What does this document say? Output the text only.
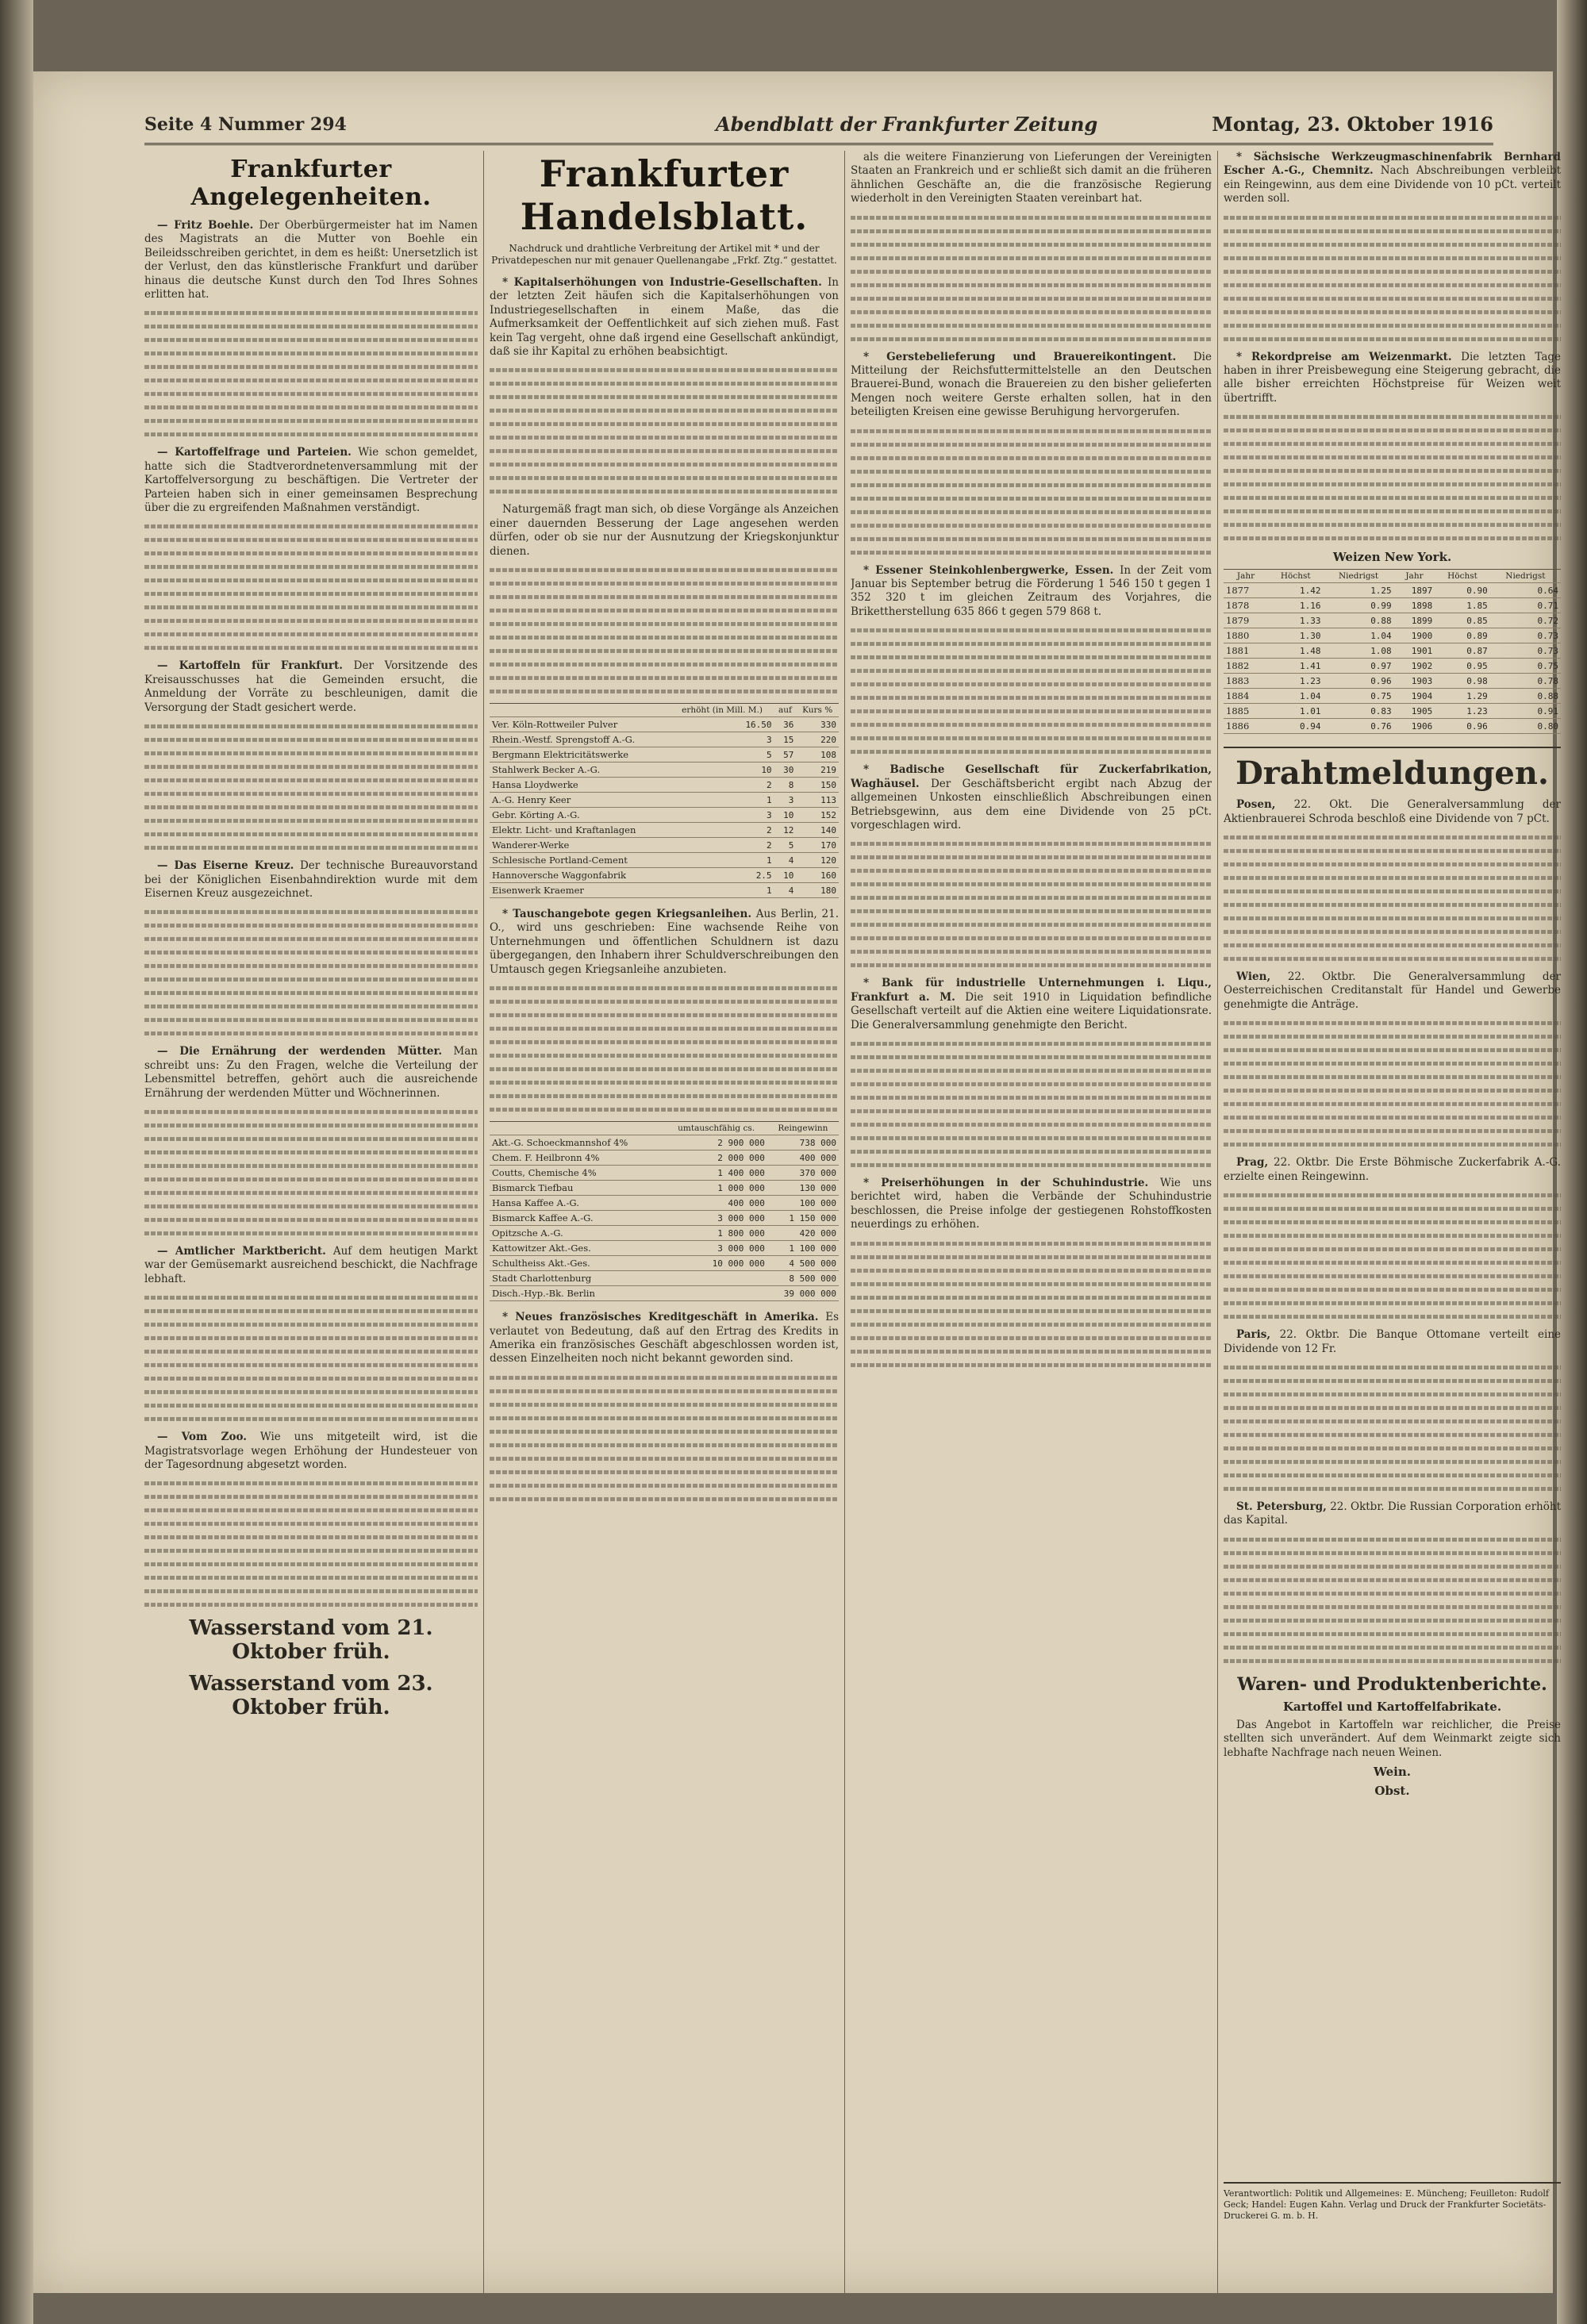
Seite 4 Nummer 294	Abendblatt der Frankfurter Zeitung	Montag, 23. Oktober 1916
Frankfurter Angelegenheiten.

— Fritz Boehle. Der Oberbürgermeister hat im Namen des Magistrats an die Mutter von Boehle ein Beileidsschreiben gerichtet, in dem es heißt: Unersetzlich ist der Verlust, den das künstlerische Frankfurt und darüber hinaus die deutsche Kunst durch den Tod Ihres Sohnes erlitten hat.

— Kartoffelfrage und Parteien. Wie schon gemeldet, hatte sich die Stadtverordnetenversammlung mit der Kartoffelversorgung zu beschäftigen. Die Vertreter der Parteien haben sich in einer gemeinsamen Besprechung über die zu ergreifenden Maßnahmen verständigt.

— Kartoffeln für Frankfurt. Der Vorsitzende des Kreisausschusses hat die Gemeinden ersucht, die Anmeldung der Vorräte zu beschleunigen, damit die Versorgung der Stadt gesichert werde.

— Das Eiserne Kreuz. Der technische Bureauvorstand bei der Königlichen Eisenbahndirektion wurde mit dem Eisernen Kreuz ausgezeichnet.

— Die Ernährung der werdenden Mütter. Man schreibt uns: Zu den Fragen, welche die Verteilung der Lebensmittel betreffen, gehört auch die ausreichende Ernährung der werdenden Mütter und Wöchnerinnen.

— Amtlicher Marktbericht. Auf dem heutigen Markt war der Gemüsemarkt ausreichend beschickt, die Nachfrage lebhaft.

— Vom Zoo. Wie uns mitgeteilt wird, ist die Magistratsvorlage wegen Erhöhung der Hundesteuer von der Tagesordnung abgesetzt worden.

Wasserstand vom 21. Oktober früh.
Wasserstand vom 23. Oktober früh.
Frankfurter Handelsblatt.
Nachdruck und drahtliche Verbreitung der Artikel mit * und der Privatdepeschen nur mit genauer Quellenangabe „Frkf. Ztg.“ gestattet.

* Kapitalserhöhungen von Industrie-Gesellschaften. In der letzten Zeit häufen sich die Kapitalserhöhungen von Industriegesellschaften in einem Maße, das die Aufmerksamkeit der Oeffentlichkeit auf sich ziehen muß. Fast kein Tag vergeht, ohne daß irgend eine Gesellschaft ankündigt, daß sie ihr Kapital zu erhöhen beabsichtigt.

Naturgemäß fragt man sich, ob diese Vorgänge als Anzeichen einer dauernden Besserung der Lage angesehen werden dürfen, oder ob sie nur der Ausnutzung der Kriegskonjunktur dienen.

	erhöht (in Mill. M.)	auf	Kurs %
Ver. Köln-Rottweiler Pulver	16.50	36	330
Rhein.-Westf. Sprengstoff A.-G.	3	15	220
Bergmann Elektricitätswerke	5	57	108
Stahlwerk Becker A.-G.	10	30	219
Hansa Lloydwerke	2	8	150
A.-G. Henry Keer	1	3	113
Gebr. Körting A.-G.	3	10	152
Elektr. Licht- und Kraftanlagen	2	12	140
Wanderer-Werke	2	5	170
Schlesische Portland-Cement	1	4	120
Hannoversche Waggonfabrik	2.5	10	160
Eisenwerk Kraemer	1	4	180

* Tauschangebote gegen Kriegsanleihen. Aus Berlin, 21. O., wird uns geschrieben: Eine wachsende Reihe von Unternehmungen und öffentlichen Schuldnern ist dazu übergegangen, den Inhabern ihrer Schuldverschreibungen den Umtausch gegen Kriegsanleihe anzubieten.

	umtauschfähig cs.	Reingewinn
Akt.-G. Schoeckmannshof 4%	2 900 000	738 000
Chem. F. Heilbronn 4%	2 000 000	400 000
Coutts, Chemische 4%	1 400 000	370 000
Bismarck Tiefbau	1 000 000	130 000
Hansa Kaffee A.-G.	400 000	100 000
Bismarck Kaffee A.-G.	3 000 000	1 150 000
Opitzsche A.-G.	1 800 000	420 000
Kattowitzer Akt.-Ges.	3 000 000	1 100 000
Schultheiss Akt.-Ges.	10 000 000	4 500 000
Stadt Charlottenburg		8 500 000
Disch.-Hyp.-Bk. Berlin		39 000 000

* Neues französisches Kreditgeschäft in Amerika. Es verlautet von Bedeutung, daß auf den Ertrag des Kredits in Amerika ein französisches Geschäft abgeschlossen worden ist, dessen Einzelheiten noch nicht bekannt geworden sind.

als die weitere Finanzierung von Lieferungen der Vereinigten Staaten an Frankreich und er schließt sich damit an die früheren ähnlichen Geschäfte an, die die französische Regierung wiederholt in den Vereinigten Staaten vereinbart hat.

* Gerstebelieferung und Brauereikontingent. Die Mitteilung der Reichsfuttermittelstelle an den Deutschen Brauerei-Bund, wonach die Brauereien zu den bisher gelieferten Mengen noch weitere Gerste erhalten sollen, hat in den beteiligten Kreisen eine gewisse Beruhigung hervorgerufen.

* Essener Steinkohlenbergwerke, Essen. In der Zeit vom Januar bis September betrug die Förderung 1 546 150 t gegen 1 352 320 t im gleichen Zeitraum des Vorjahres, die Brikettherstellung 635 866 t gegen 579 868 t.

* Badische Gesellschaft für Zuckerfabrikation, Waghäusel. Der Geschäftsbericht ergibt nach Abzug der allgemeinen Unkosten einschließlich Abschreibungen einen Betriebsgewinn, aus dem eine Dividende von 25 pCt. vorgeschlagen wird.

* Bank für industrielle Unternehmungen i. Liqu., Frankfurt a. M. Die seit 1910 in Liquidation befindliche Gesellschaft verteilt auf die Aktien eine weitere Liquidationsrate. Die Generalversammlung genehmigte den Bericht.

* Preiserhöhungen in der Schuhindustrie. Wie uns berichtet wird, haben die Verbände der Schuhindustrie beschlossen, die Preise infolge der gestiegenen Rohstoffkosten neuerdings zu erhöhen.

* Sächsische Werkzeugmaschinenfabrik Bernhard Escher A.-G., Chemnitz. Nach Abschreibungen verbleibt ein Reingewinn, aus dem eine Dividende von 10 pCt. verteilt werden soll.

* Rekordpreise am Weizenmarkt. Die letzten Tage haben in ihrer Preisbewegung eine Steigerung gebracht, die alle bisher erreichten Höchstpreise für Weizen weit übertrifft.

Weizen New York.
Jahr	Höchst	Niedrigst	Jahr	Höchst	Niedrigst
1877	1.42	1.25	1897	0.90	0.64
1878	1.16	0.99	1898	1.85	0.71
1879	1.33	0.88	1899	0.85	0.72
1880	1.30	1.04	1900	0.89	0.73
1881	1.48	1.08	1901	0.87	0.73
1882	1.41	0.97	1902	0.95	0.75
1883	1.23	0.96	1903	0.98	0.78
1884	1.04	0.75	1904	1.29	0.88
1885	1.01	0.83	1905	1.23	0.91
1886	0.94	0.76	1906	0.96	0.80
Drahtmeldungen.

Posen, 22. Okt. Die Generalversammlung der Aktienbrauerei Schroda beschloß eine Dividende von 7 pCt.

Wien, 22. Oktbr. Die Generalversammlung der Oesterreichischen Creditanstalt für Handel und Gewerbe genehmigte die Anträge.

Prag, 22. Oktbr. Die Erste Böhmische Zuckerfabrik A.-G. erzielte einen Reingewinn.

Paris, 22. Oktbr. Die Banque Ottomane verteilt eine Dividende von 12 Fr.

St. Petersburg, 22. Oktbr. Die Russian Corporation erhöht das Kapital.

Waren- und Produktenberichte.
Kartoffel und Kartoffelfabrikate.

Das Angebot in Kartoffeln war reichlicher, die Preise stellten sich unverändert. Auf dem Weinmarkt zeigte sich lebhafte Nachfrage nach neuen Weinen.

Wein.
Obst.
Verantwortlich: Politik und Allgemeines: E. Müncheng; Feuilleton: Rudolf Geck; Handel: Eugen Kahn. Verlag und Druck der Frankfurter Societäts-Druckerei G. m. b. H.
